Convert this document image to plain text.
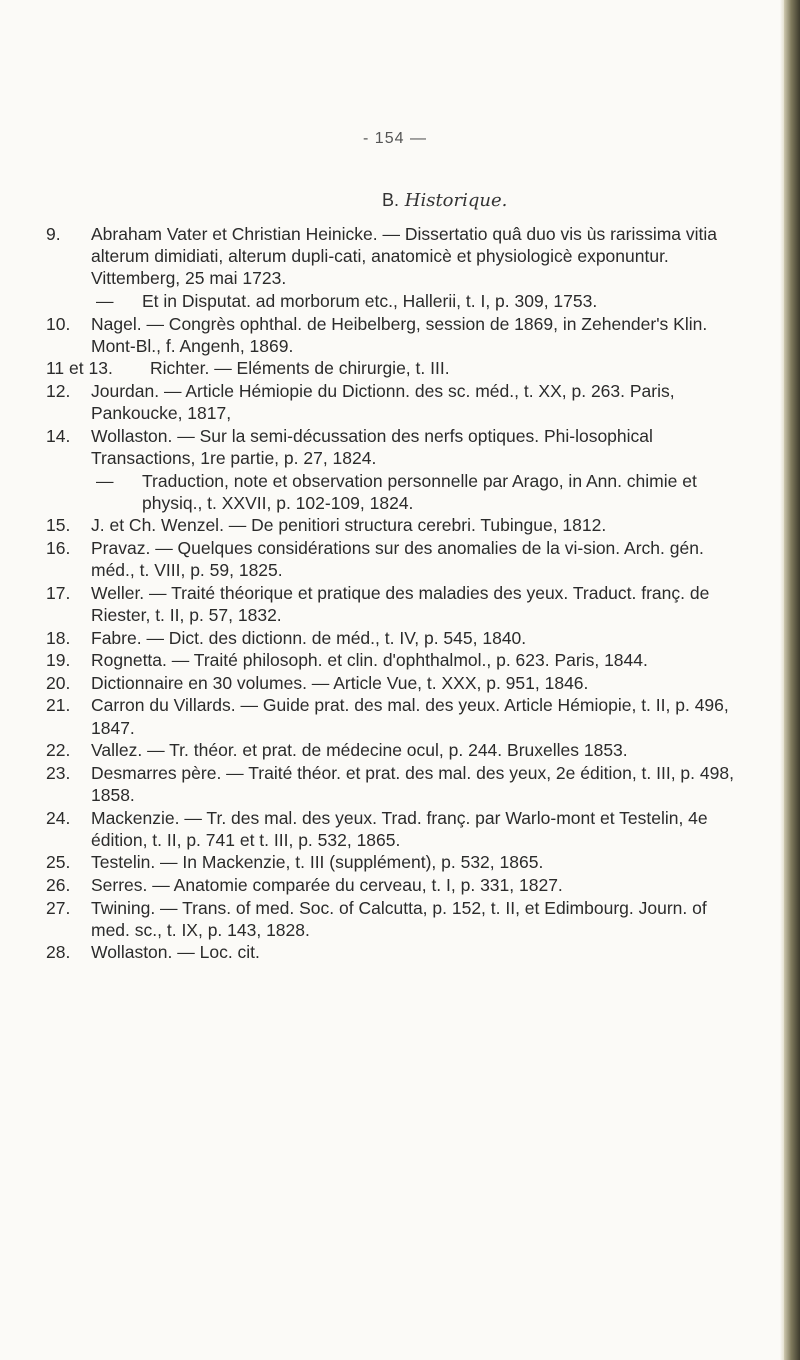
- 154 —
B. Historique.
9. Abraham Vater et Christian Heinicke. — Dissertatio quâ duo vis ùs rarissima vitia alterum dimidiati, alterum dupli-cati, anatomicè et physiologicè exponuntur. Vittemberg, 25 mai 1723.
— Et in Disputat. ad morborum etc., Hallerii, t. I, p. 309, 1753.
10. Nagel. — Congrès ophthal. de Heibelberg, session de 1869, in Zehender's Klin. Mont-Bl., f. Angenh, 1869.
11 et 13. Richter. — Eléments de chirurgie, t. III.
12. Jourdan. — Article Hémiopie du Dictionn. des sc. méd., t. XX, p. 263. Paris, Pankoucke, 1817,
14. Wollaston. — Sur la semi-décussation des nerfs optiques. Phi-losophical Transactions, 1re partie, p. 27, 1824.
— Traduction, note et observation personnelle par Arago, in Ann. chimie et physiq., t. XXVII, p. 102-109, 1824.
15. J. et Ch. Wenzel. — De penitiori structura cerebri. Tubingue, 1812.
16. Pravaz. — Quelques considérations sur des anomalies de la vi-sion. Arch. gén. méd., t. VIII, p. 59, 1825.
17. Weller. — Traité théorique et pratique des maladies des yeux. Traduct. franç. de Riester, t. II, p. 57, 1832.
18. Fabre. — Dict. des dictionn. de méd., t. IV, p. 545, 1840.
19. Rognetta. — Traité philosoph. et clin. d'ophthalmol., p. 623. Paris, 1844.
20. Dictionnaire en 30 volumes. — Article Vue, t. XXX, p. 951, 1846.
21. Carron du Villards. — Guide prat. des mal. des yeux. Article Hémiopie, t. II, p. 496, 1847.
22. Vallez. — Tr. théor. et prat. de médecine ocul, p. 244. Bruxelles 1853.
23. Desmarres père. — Traité théor. et prat. des mal. des yeux, 2e édition, t. III, p. 498, 1858.
24. Mackenzie. — Tr. des mal. des yeux. Trad. franç. par Warlo-mont et Testelin, 4e édition, t. II, p. 741 et t. III, p. 532, 1865.
25. Testelin. — In Mackenzie, t. III (supplément), p. 532, 1865.
26. Serres. — Anatomie comparée du cerveau, t. I, p. 331, 1827.
27. Twining. — Trans. of med. Soc. of Calcutta, p. 152, t. II, et Edimbourg. Journ. of med. sc., t. IX, p. 143, 1828.
28. Wollaston. — Loc. cit.
